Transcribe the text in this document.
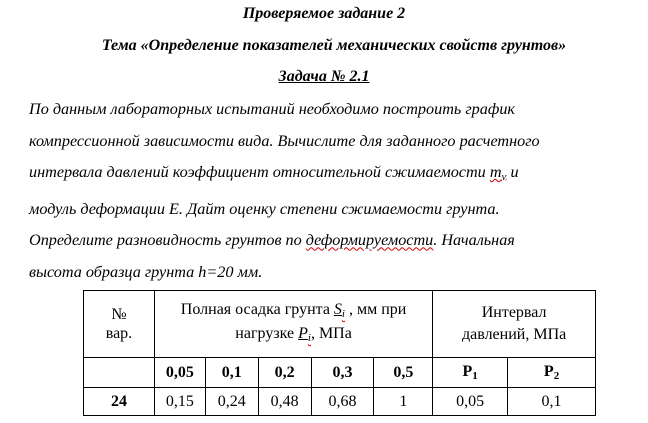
Проверяемое задание 2
Тема «Определение показателей механических свойств грунтов»
Задача № 2.1
По данным лабораторных испытаний необходимо построить график
компрессионной зависимости вида. Вычислите для заданного расчетного
интервала давлений коэффициент относительной сжимаемости $m_v$ и
модуль деформации Е. Дайт оценку степени сжимаемости грунта.
Определите разновидность грунтов по деформируемости. Начальная
высота образца грунта h=20 мм.
№ вар.	Полная осадка грунта $S_i$ , мм при нагрузке $P_i$, МПа					Интервал давлений, МПа	

	0,05	0,1	0,2	0,3	0,5	$P_1$	$P_2$
24	0,15	0,24	0,48	0,68	1	0,05	0,1
